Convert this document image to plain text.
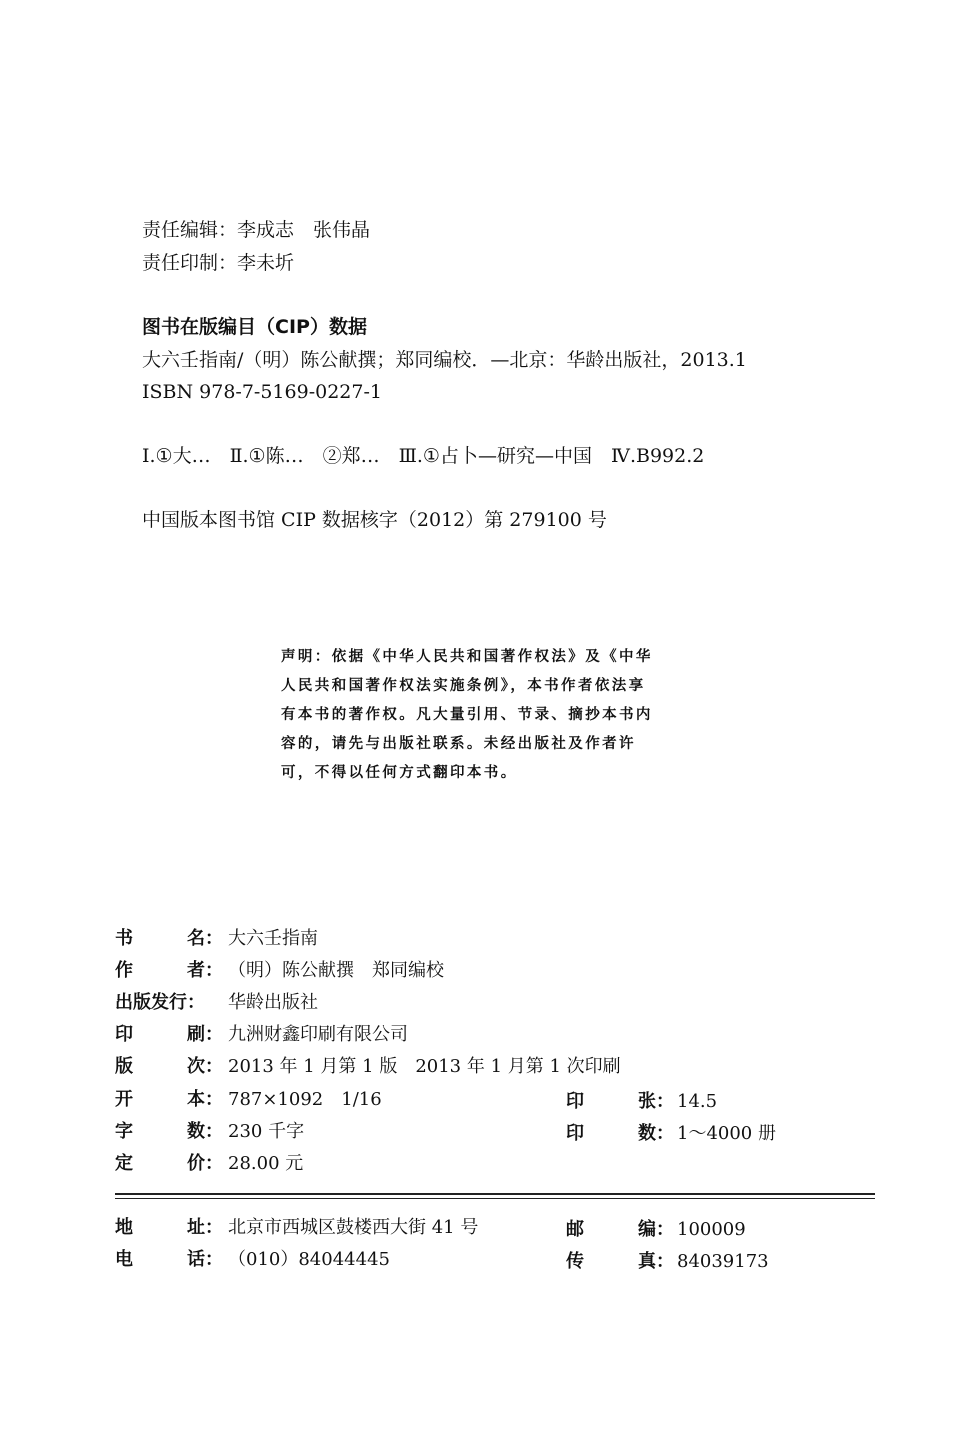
责任编辑：李成志　张伟晶
责任印制：李未圻
图书在版编目（CIP）数据
大六壬指南/（明）陈公献撰；郑同编校．—北京：华龄出版社，2013.1
ISBN 978-7-5169-0227-1
Ⅰ.①大…　Ⅱ.①陈…　②郑…　Ⅲ.①占卜—研究—中国　Ⅳ.B992.2
中国版本图书馆 CIP 数据核字（2012）第 279100 号
声明：依据《中华人民共和国著作权法》及《中华
人民共和国著作权法实施条例》，本书作者依法享
有本书的著作权。凡大量引用、节录、摘抄本书内
容的，请先与出版社联系。未经出版社及作者许
可，不得以任何方式翻印本书。
书	名： 大六壬指南
作	者： （明）陈公献撰　郑同编校
出版发行： 华龄出版社
印	刷： 九洲财鑫印刷有限公司
版	次： 2013 年 1 月第 1 版　2013 年 1 月第 1 次印刷
开	本： 787×1092　1/16	印	张： 14.5
字	数： 230 千字	印	数： 1～4000 册
定	价： 28.00 元
地	址： 北京市西城区鼓楼西大街 41 号	邮	编： 100009
电	话： （010）84044445	传	真： 84039173
